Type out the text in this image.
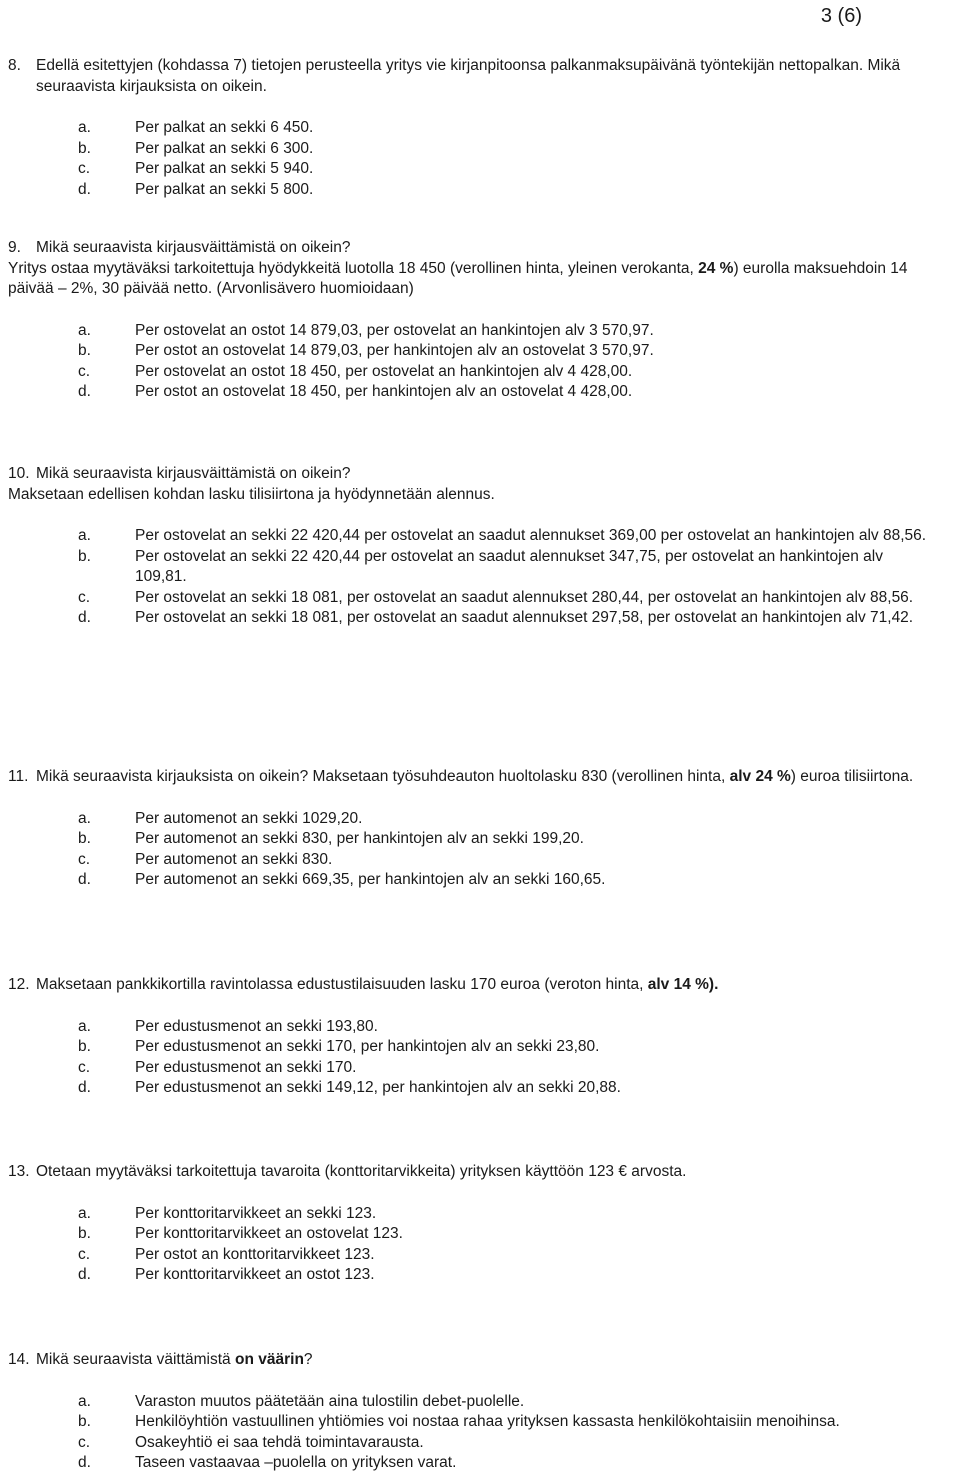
3 (6)
8. Edellä esitettyjen (kohdassa 7) tietojen perusteella yritys vie kirjanpitoonsa palkanmaksupäivänä työntekijän nettopalkan. Mikä seuraavista kirjauksista on oikein.
a.	Per palkat an sekki 6 450.
b.	Per palkat an sekki 6 300.
c.	Per palkat an sekki 5 940.
d.	Per palkat an sekki 5 800.
9. Mikä seuraavista kirjausväittämistä on oikein?
Yritys ostaa myytäväksi tarkoitettuja hyödykkeitä luotolla 18 450 (verollinen hinta, yleinen verokanta, 24 %) eurolla maksuehdoin 14 päivää – 2%, 30 päivää netto. (Arvonlisävero huomioidaan)
a.	Per ostovelat an ostot 14 879,03, per ostovelat an hankintojen alv 3 570,97.
b.	Per ostot an ostovelat 14 879,03, per hankintojen alv an ostovelat 3 570,97.
c.	Per ostovelat an ostot 18 450, per ostovelat an hankintojen alv 4 428,00.
d.	Per ostot an ostovelat 18 450, per hankintojen alv an ostovelat 4 428,00.
10. Mikä seuraavista kirjausväittämistä on oikein?
Maksetaan edellisen kohdan lasku tilisiirtona ja hyödynnetään alennus.
a.	Per ostovelat an sekki 22 420,44 per ostovelat an saadut alennukset 369,00 per ostovelat an hankintojen alv 88,56.
b.	Per ostovelat an sekki 22 420,44 per ostovelat an saadut alennukset 347,75, per ostovelat an hankintojen alv 109,81.
c.	Per ostovelat an sekki 18 081, per ostovelat an saadut alennukset 280,44, per ostovelat an hankintojen alv 88,56.
d.	Per ostovelat an sekki 18 081, per ostovelat an saadut alennukset 297,58, per ostovelat an hankintojen alv 71,42.
11. Mikä seuraavista kirjauksista on oikein? Maksetaan työsuhdeauton huoltolasku 830 (verollinen hinta, alv 24 %) euroa tilisiirtona.
a.	Per automenot an sekki 1029,20.
b.	Per automenot an sekki 830, per hankintojen alv an sekki 199,20.
c.	Per automenot an sekki 830.
d.	Per automenot an sekki 669,35, per hankintojen alv an sekki 160,65.
12. Maksetaan pankkikortilla ravintolassa edustustilaisuuden lasku 170 euroa (veroton hinta, alv 14 %).
a.	Per edustusmenot an sekki 193,80.
b.	Per edustusmenot an sekki 170, per hankintojen alv an sekki 23,80.
c.	Per edustusmenot an sekki 170.
d.	Per edustusmenot an sekki 149,12, per hankintojen alv an sekki 20,88.
13. Otetaan myytäväksi tarkoitettuja tavaroita (konttoritarvikkeita) yrityksen käyttöön 123 € arvosta.
a.	Per konttoritarvikkeet an sekki 123.
b.	Per konttoritarvikkeet an ostovelat 123.
c.	Per ostot an konttoritarvikkeet 123.
d.	Per konttoritarvikkeet an ostot 123.
14. Mikä seuraavista väittämistä on väärin?
a.	Varaston muutos päätetään aina tulostilin debet-puolelle.
b.	Henkilöyhtiön vastuullinen yhtiömies voi nostaa rahaa yrityksen kassasta henkilökohtaisiin menoihinsa.
c.	Osakeyhtiö ei saa tehdä toimintavarausta.
d.	Taseen vastaavaa –puolella on yrityksen varat.
